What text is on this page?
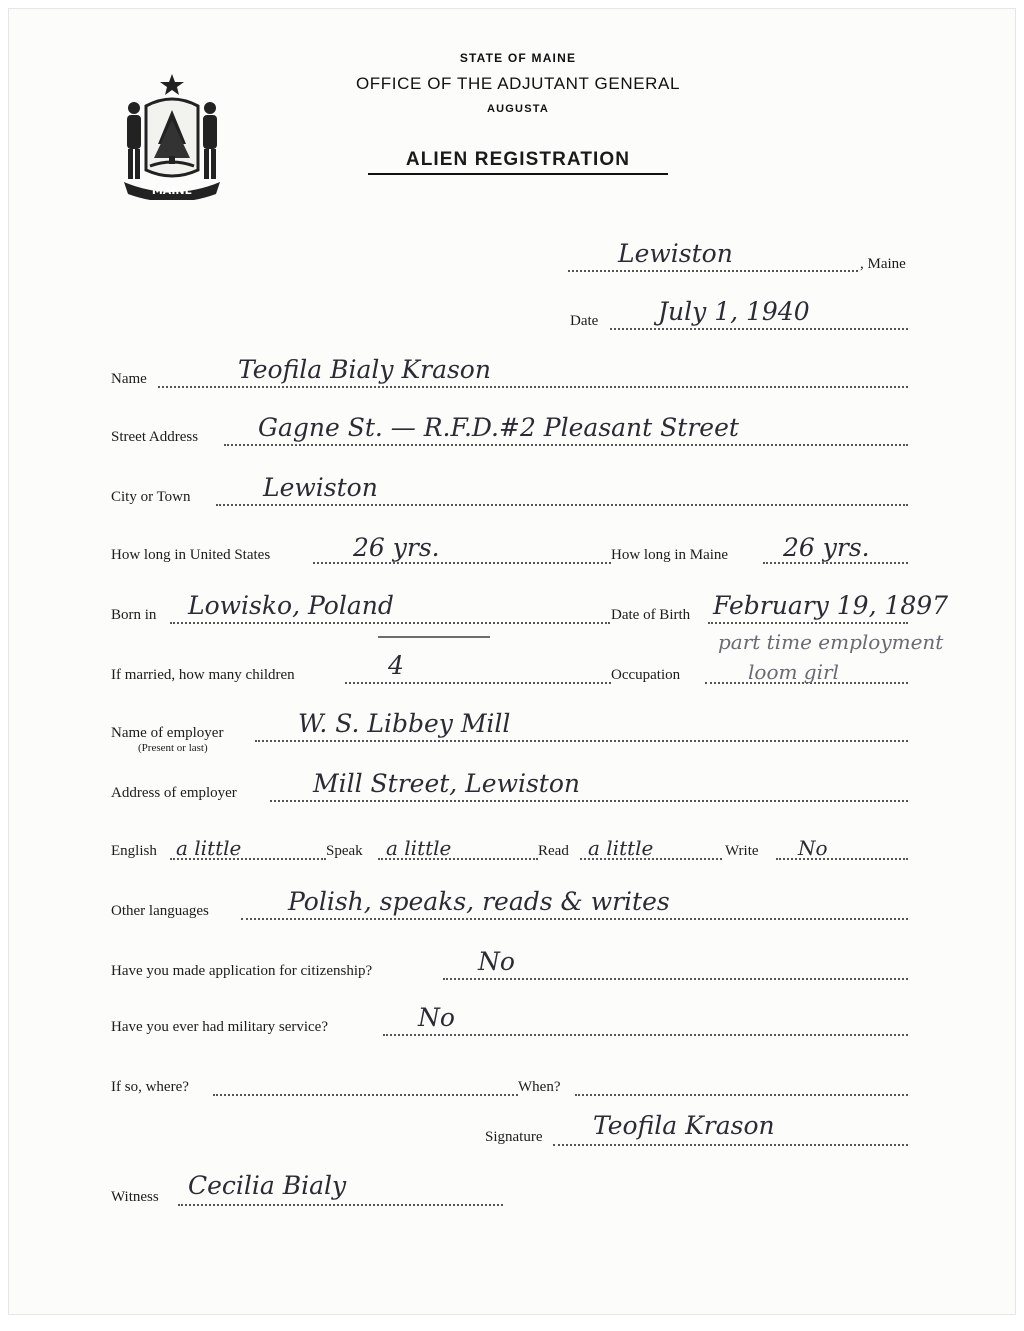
MAINE
STATE OF MAINE
OFFICE OF THE ADJUTANT GENERAL
AUGUSTA
ALIEN REGISTRATION
Lewiston	, Maine
Date July 1, 1940
Name	Teofila Bialy Krason
Street Address Gagne St. — R.F.D.#2 Pleasant Street
City or Town	Lewiston
How long in United States	26 yrs.	How long in Maine 26 yrs.
Born in Lowisko, Poland	Date of Birth February 19, 1897
part time employment
If married, how many children	4	Occupation	loom girl
Name of employer
(Present or last)
W. S. Libbey Mill
Address of employer	Mill Street, Lewiston
English a little	Speak a little	Read a little	Write No
Other languages	Polish, speaks, reads & writes
Have you made application for citizenship?	No
Have you ever had military service?	No
If so, where?	When?
Signature Teofila Krason
Witness Cecilia Bialy
